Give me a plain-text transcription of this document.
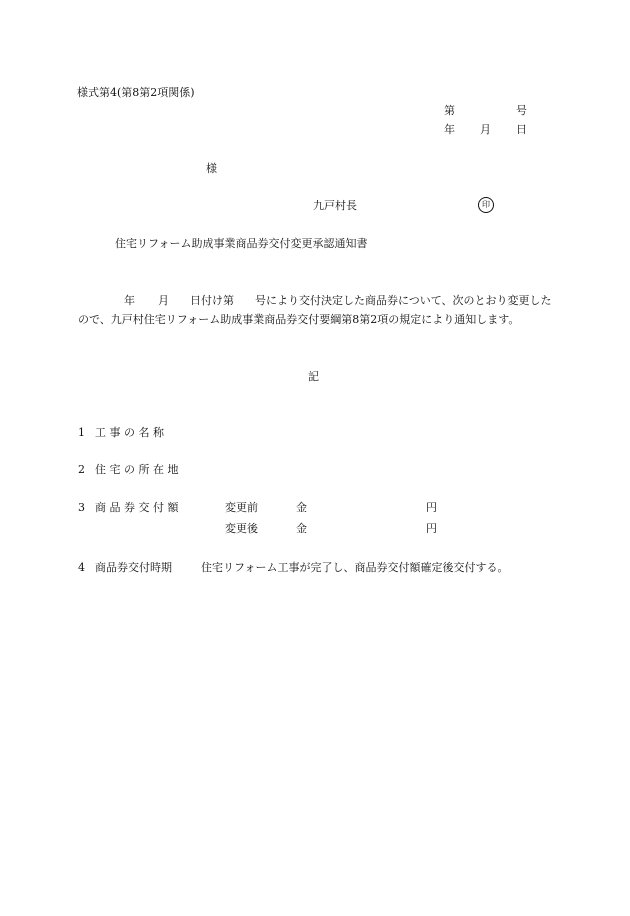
様式第4(第8第2項関係)
第	号
年 月 日
様
九戸村長	印
住宅リフォーム助成事業商品券交付変更承認通知書
年 月 日付け第 号により交付決定した商品券について、次のとおり変更したので、九戸村住宅リフォーム助成事業商品券交付要綱第8第2項の規定により通知します。
記
1 工 事 の 名 称
2 住 宅 の 所 在 地
3 商 品 券 交 付 額	変更前	金	円
変更後	金	円
4 商品券交付時期	住宅リフォーム工事が完了し、商品券交付額確定後交付する。
